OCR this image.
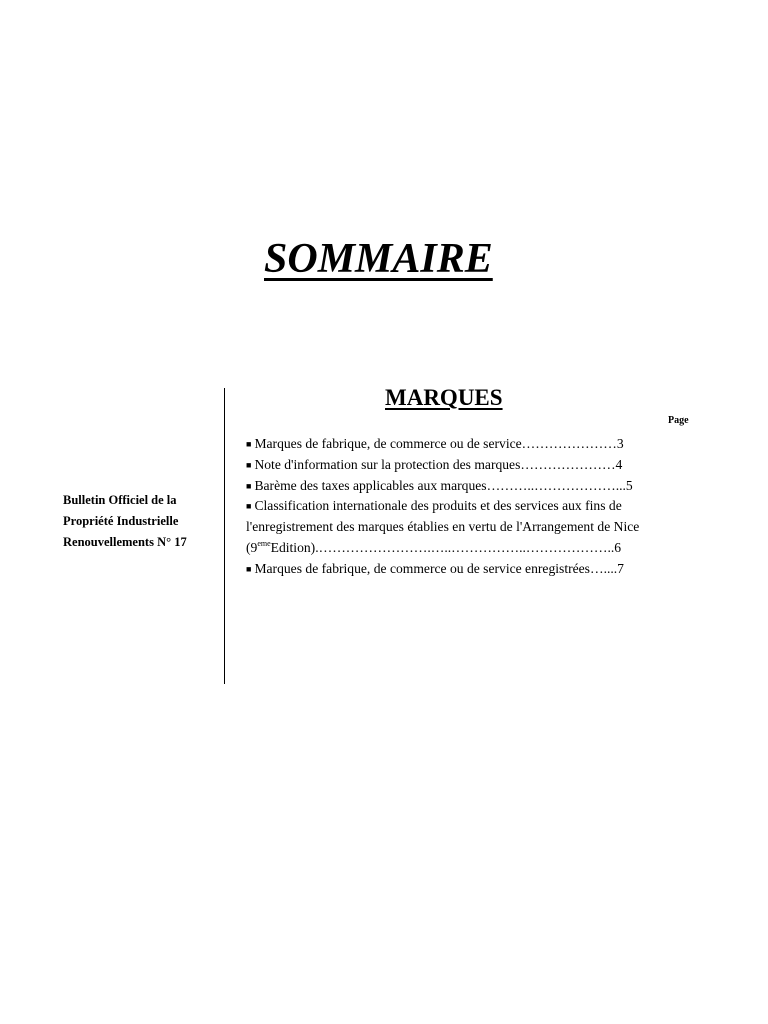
SOMMAIRE
Bulletin Officiel de la
Propriété Industrielle
Renouvellements N° 17
MARQUES
Page
■ Marques de fabrique, de commerce ou de service…………………3
■ Note d'information sur la protection des marques…………………4
■ Barème des taxes applicables aux marques………..………………...5
■ Classification internationale des produits et des services aux fins de l'enregistrement des marques établies en vertu de l'Arrangement de Nice (9emeEdition).…………………….…..……………..………………..6
■ Marques de fabrique, de commerce ou de service enregistrées…....7
